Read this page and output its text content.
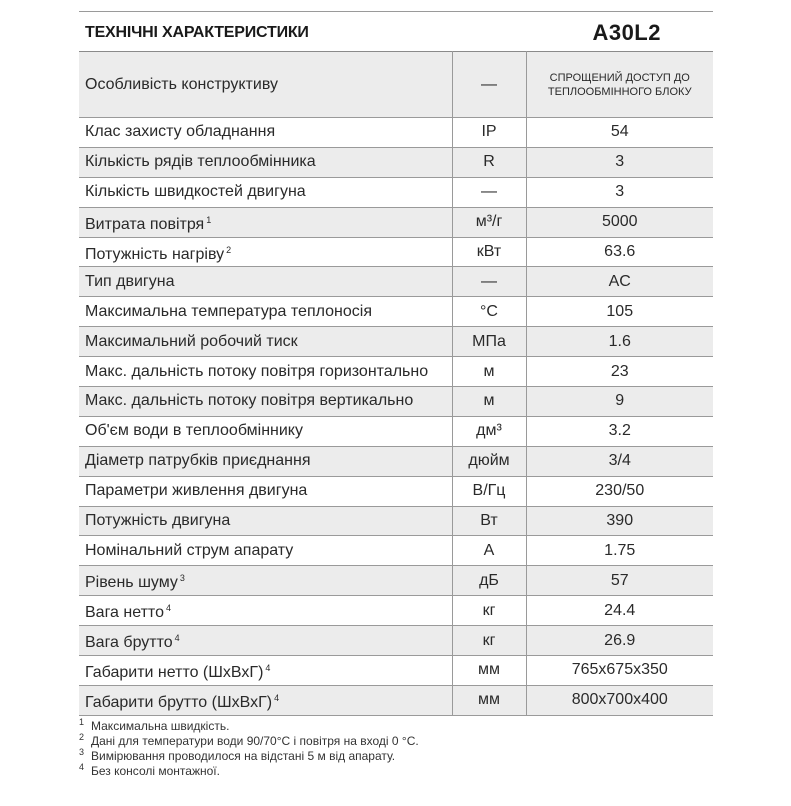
ТЕХНІЧНІ ХАРАКТЕРИСТИКИ	A30L2
Особливість конструктиву	—	СПРОЩЕНИЙ ДОСТУП ДО ТЕПЛООБМІННОГО БЛОКУ
Клас захисту обладнання	IP	54
Кількість рядів теплообмінника	R	3
Кількість швидкостей двигуна	—	3
Витрата повітря $^1$	м³/г	5000
Потужність нагріву $^2$	кВт	63.6
Тип двигуна	—	AC
Максимальна температура теплоносія	°C	105
Максимальний робочий тиск	МПа	1.6
Макс. дальність потоку повітря горизонтально	м	23
Макс. дальність потоку повітря вертикально	м	9
Об'єм води в теплообміннику	дм³	3.2
Діаметр патрубків приєднання	дюйм	3/4
Параметри живлення двигуна	В/Гц	230/50
Потужність двигуна	Вт	390
Номінальний струм апарату	А	1.75
Рівень шуму $^3$	дБ	57
Вага нетто $^4$	кг	24.4
Вага брутто $^4$	кг	26.9
Габарити нетто (ШхВхГ) $^4$	мм	765x675x350
Габарити брутто (ШхВхГ) $^4$	мм	800x700x400
1 Максимальна швидкість.
2 Дані для температури води 90/70°C і повітря на вході 0 °C.
3 Вимірювання проводилося на відстані 5 м від апарату.
4 Без консолі монтажної.
